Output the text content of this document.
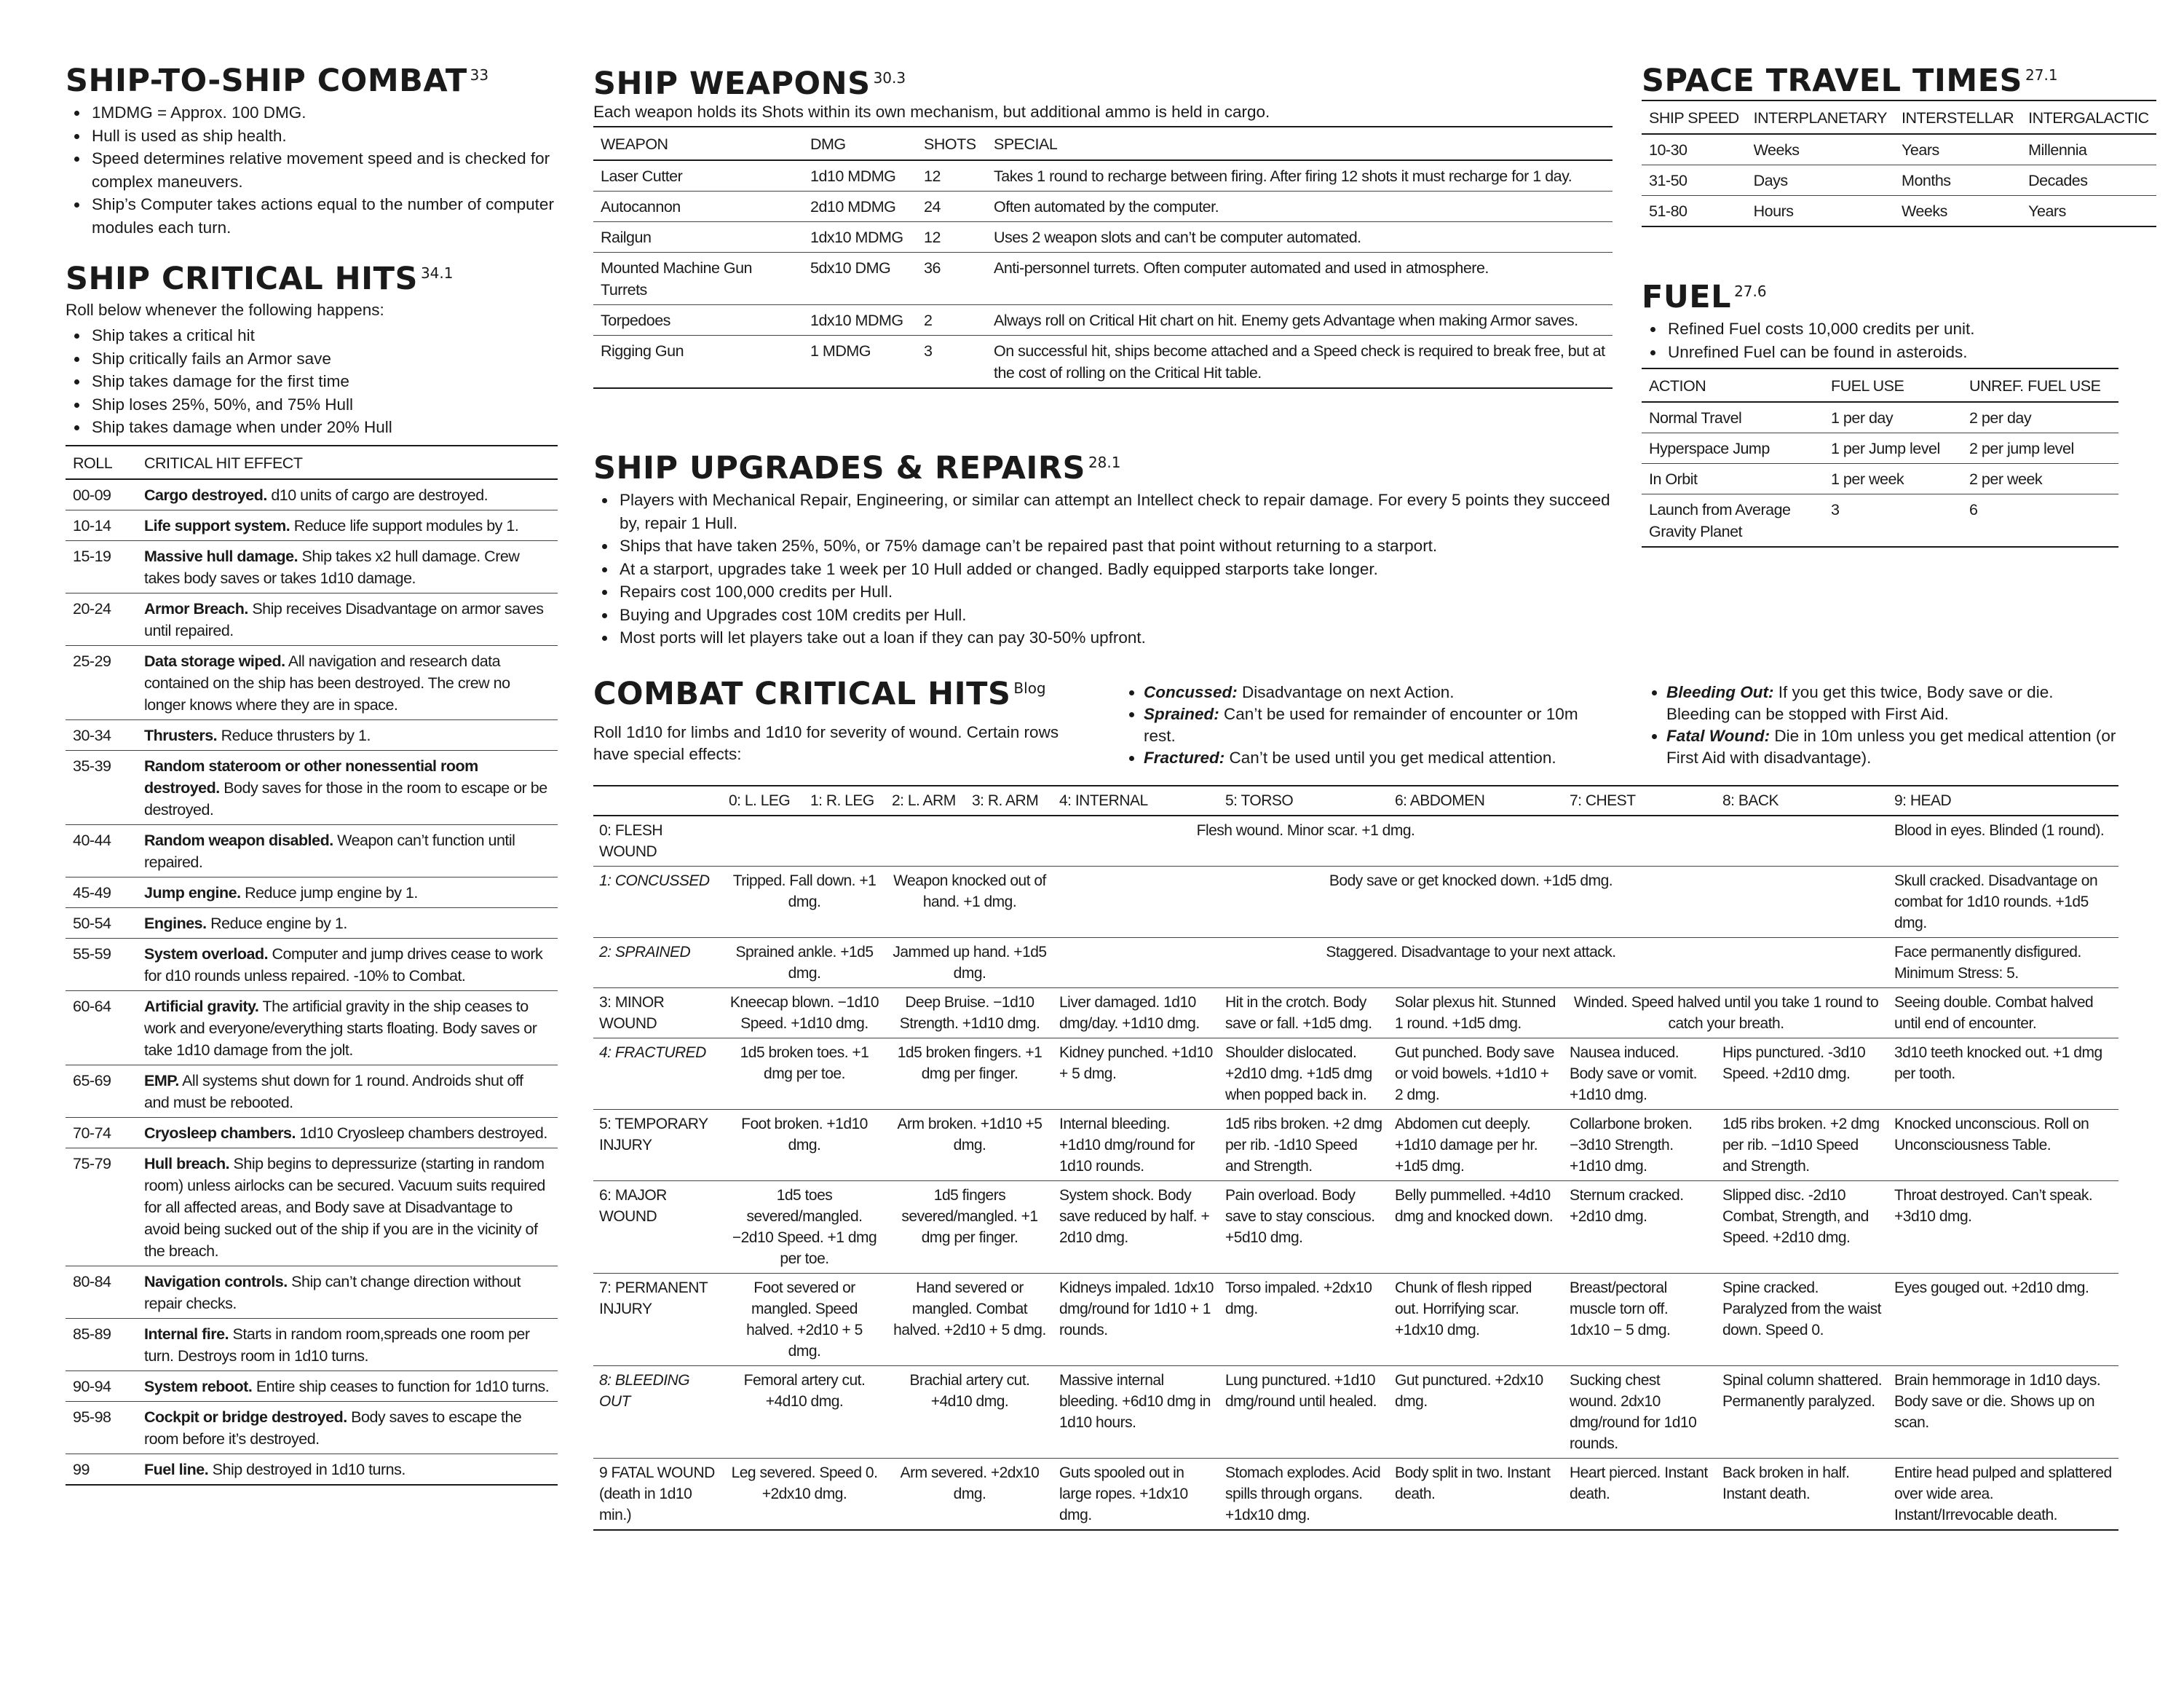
SHIP-TO-SHIP COMBAT $^{33}$
• 1MDMG = Approx. 100 DMG.
• Hull is used as ship health.
• Speed determines relative movement speed and is checked for complex maneuvers.
• Ship’s Computer takes actions equal to the number of computer modules each turn.
SHIP CRITICAL HITS $^{34.1}$

Roll below whenever the following happens:

• Ship takes a critical hit
• Ship critically fails an Armor save
• Ship takes damage for the first time
• Ship loses 25%, 50%, and 75% Hull
• Ship takes damage when under 20% Hull
ROLL	CRITICAL HIT EFFECT
00-09	Cargo destroyed. d10 units of cargo are destroyed.
10-14	Life support system. Reduce life support modules by 1.
15-19	Massive hull damage. Ship takes x2 hull damage. Crew takes body saves or takes 1d10 damage.
20-24	Armor Breach. Ship receives Disadvantage on armor saves until repaired.
25-29	Data storage wiped. All navigation and research data contained on the ship has been destroyed. The crew no longer knows where they are in space.
30-34	Thrusters. Reduce thrusters by 1.
35-39	Random stateroom or other nonessential room destroyed. Body saves for those in the room to escape or be destroyed.
40-44	Random weapon disabled. Weapon can’t function until repaired.
45-49	Jump engine. Reduce jump engine by 1.
50-54	Engines. Reduce engine by 1.
55-59	System overload. Computer and jump drives cease to work for d10 rounds unless repaired. -10% to Combat.
60-64	Artificial gravity. The artificial gravity in the ship ceases to work and everyone/everything starts floating. Body saves or take 1d10 damage from the jolt.
65-69	EMP. All systems shut down for 1 round. Androids shut off and must be rebooted.
70-74	Cryosleep chambers. 1d10 Cryosleep chambers destroyed.
75-79	Hull breach. Ship begins to depressurize (starting in random room) unless airlocks can be secured. Vacuum suits required for all affected areas, and Body save at Disadvantage to avoid being sucked out of the ship if you are in the vicinity of the breach.
80-84	Navigation controls. Ship can’t change direction without repair checks.
85-89	Internal fire. Starts in random room,spreads one room per turn. Destroys room in 1d10 turns.
90-94	System reboot. Entire ship ceases to function for 1d10 turns.
95-98	Cockpit or bridge destroyed. Body saves to escape the room before it’s destroyed.
99	Fuel line. Ship destroyed in 1d10 turns.
SHIP WEAPONS $^{30.3}$

Each weapon holds its Shots within its own mechanism, but additional ammo is held in cargo.

WEAPON	DMG	SHOTS	SPECIAL
Laser Cutter	1d10 MDMG	12	Takes 1 round to recharge between firing. After firing 12 shots it must recharge for 1 day.
Autocannon	2d10 MDMG	24	Often automated by the computer.
Railgun	1dx10 MDMG	12	Uses 2 weapon slots and can’t be computer automated.
Mounted Machine Gun Turrets	5dx10 DMG	36	Anti-personnel turrets. Often computer automated and used in atmosphere.
Torpedoes	1dx10 MDMG	2	Always roll on Critical Hit chart on hit. Enemy gets Advantage when making Armor saves.
Rigging Gun	1 MDMG	3	On successful hit, ships become attached and a Speed check is required to break free, but at the cost of rolling on the Critical Hit table.
SHIP UPGRADES & REPAIRS $^{28.1}$
• Players with Mechanical Repair, Engineering, or similar can attempt an Intellect check to repair damage. For every 5 points they succeed by, repair 1 Hull.
• Ships that have taken 25%, 50%, or 75% damage can’t be repaired past that point without returning to a starport.
• At a starport, upgrades take 1 week per 10 Hull added or changed. Badly equipped starports take longer.
• Repairs cost 100,000 credits per Hull.
• Buying and Upgrades cost 10M credits per Hull.
• Most ports will let players take out a loan if they can pay 30-50% upfront.
SPACE TRAVEL TIMES $^{27.1}$
SHIP SPEED	INTERPLANETARY	INTERSTELLAR	INTERGALACTIC
10-30	Weeks	Years	Millennia
31-50	Days	Months	Decades
51-80	Hours	Weeks	Years
FUEL $^{27.6}$
• Refined Fuel costs 10,000 credits per unit.
• Unrefined Fuel can be found in asteroids.
ACTION	FUEL USE	UNREF. FUEL USE
Normal Travel	1 per day	2 per day
Hyperspace Jump	1 per Jump level	2 per jump level
In Orbit	1 per week	2 per week
Launch from Average Gravity Planet	3	6
COMBAT CRITICAL HITS $^{Blog}$

Roll 1d10 for limbs and 1d10 for severity of wound. Certain rows have special effects:

• Concussed: Disadvantage on next Action.
• Sprained: Can’t be used for remainder of encounter or 10m rest.
• Fractured: Can’t be used until you get medical attention.
• Bleeding Out: If you get this twice, Body save or die. Bleeding can be stopped with First Aid.
• Fatal Wound: Die in 10m unless you get medical attention (or First Aid with disadvantage).
	0: L. LEG	1: R. LEG	2: L. ARM	3: R. ARM	4: INTERNAL	5: TORSO	6: ABDOMEN	7: CHEST	8: BACK	9: HEAD
0: FLESH WOUND	Flesh wound. Minor scar. +1 dmg.									Blood in eyes. Blinded (1 round).
1: CONCUSSED	Tripped. Fall down. +1 dmg.		Weapon knocked out of hand. +1 dmg.		Body save or get knocked down. +1d5 dmg.					Skull cracked. Disadvantage on combat for 1d10 rounds. +1d5 dmg.
2: SPRAINED	Sprained ankle. +1d5 dmg.		Jammed up hand. +1d5 dmg.		Staggered. Disadvantage to your next attack.					Face permanently disfigured. Minimum Stress: 5.
3: MINOR WOUND	Kneecap blown. −1d10 Speed. +1d10 dmg.		Deep Bruise. −1d10 Strength. +1d10 dmg.		Liver damaged. 1d10 dmg/day. +1d10 dmg.	Hit in the crotch. Body save or fall. +1d5 dmg.	Solar plexus hit. Stunned 1 round. +1d5 dmg.	Winded. Speed halved until you take 1 round to catch your breath.		Seeing double. Combat halved until end of encounter.
4: FRACTURED	1d5 broken toes. +1 dmg per toe.		1d5 broken fingers. +1 dmg per finger.		Kidney punched. +1d10 + 5 dmg.	Shoulder dislocated. +2d10 dmg. +1d5 dmg when popped back in.	Gut punched. Body save or void bowels. +1d10 + 2 dmg.	Nausea induced. Body save or vomit. +1d10 dmg.	Hips punctured. -3d10 Speed. +2d10 dmg.	3d10 teeth knocked out. +1 dmg per tooth.
5: TEMPORARY INJURY	Foot broken. +1d10 dmg.		Arm broken. +1d10 +5 dmg.		Internal bleeding. +1d10 dmg/round for 1d10 rounds.	1d5 ribs broken. +2 dmg per rib. -1d10 Speed and Strength.	Abdomen cut deeply. +1d10 damage per hr. +1d5 dmg.	Collarbone broken. −3d10 Strength. +1d10 dmg.	1d5 ribs broken. +2 dmg per rib. −1d10 Speed and Strength.	Knocked unconscious. Roll on Unconsciousness Table.
6: MAJOR WOUND	1d5 toes severed/mangled. −2d10 Speed. +1 dmg per toe.		1d5 fingers severed/mangled. +1 dmg per finger.		System shock. Body save reduced by half. + 2d10 dmg.	Pain overload. Body save to stay conscious. +5d10 dmg.	Belly pummelled. +4d10 dmg and knocked down.	Sternum cracked. +2d10 dmg.	Slipped disc. -2d10 Combat, Strength, and Speed. +2d10 dmg.	Throat destroyed. Can’t speak. +3d10 dmg.
7: PERMANENT INJURY	Foot severed or mangled. Speed halved. +2d10 + 5 dmg.		Hand severed or mangled. Combat halved. +2d10 + 5 dmg.		Kidneys impaled. 1dx10 dmg/round for 1d10 + 1 rounds.	Torso impaled. +2dx10 dmg.	Chunk of flesh ripped out. Horrifying scar. +1dx10 dmg.	Breast/pectoral muscle torn off. 1dx10 − 5 dmg.	Spine cracked. Paralyzed from the waist down. Speed 0.	Eyes gouged out. +2d10 dmg.
8: BLEEDING OUT	Femoral artery cut. +4d10 dmg.		Brachial artery cut. +4d10 dmg.		Massive internal bleeding. +6d10 dmg in 1d10 hours.	Lung punctured. +1d10 dmg/round until healed.	Gut punctured. +2dx10 dmg.	Sucking chest wound. 2dx10 dmg/round for 1d10 rounds.	Spinal column shattered. Permanently paralyzed.	Brain hemmorage in 1d10 days. Body save or die. Shows up on scan.
9 FATAL WOUND (death in 1d10 min.)	Leg severed. Speed 0. +2dx10 dmg.		Arm severed. +2dx10 dmg.		Guts spooled out in large ropes. +1dx10 dmg.	Stomach explodes. Acid spills through organs. +1dx10 dmg.	Body split in two. Instant death.	Heart pierced. Instant death.	Back broken in half. Instant death.	Entire head pulped and splattered over wide area. Instant/Irrevocable death.
